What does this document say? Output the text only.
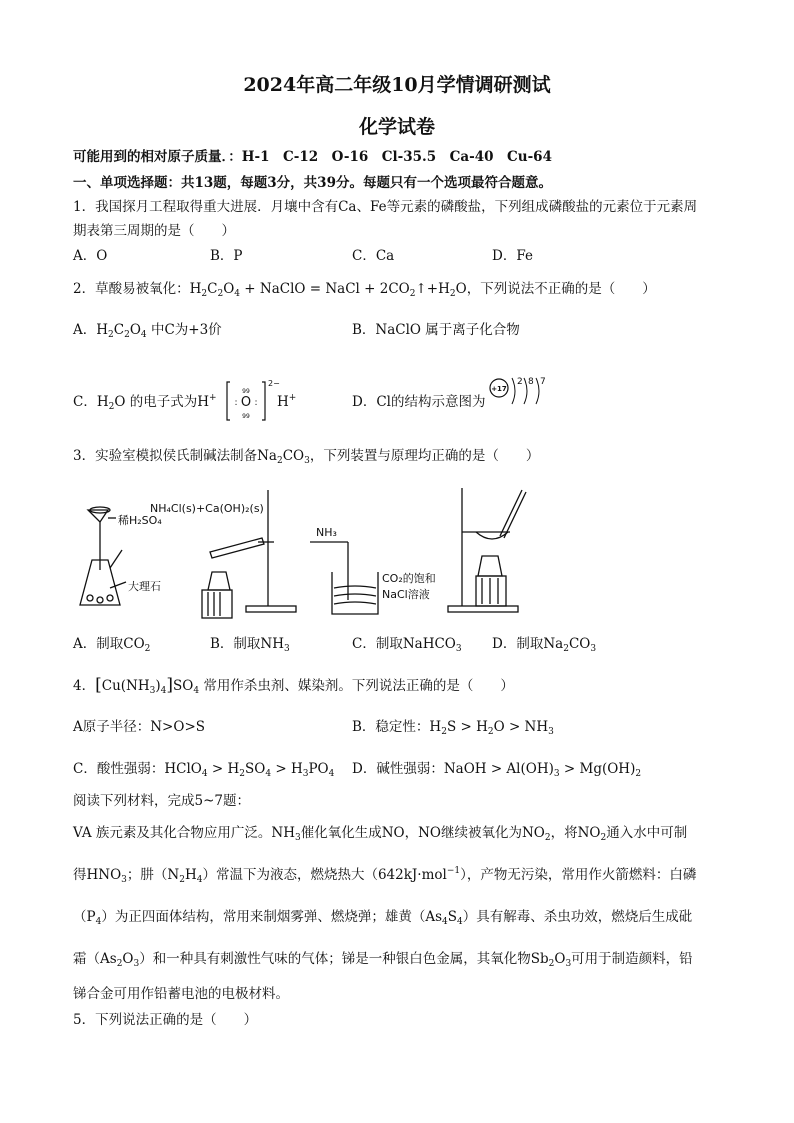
2024年高二年级10月学情调研测试
化学试卷
可能用到的相对原子质量．：H-1　C-12　O-16　Cl-35.5　Ca-40　Cu-64
一、单项选择题：共13题，每题3分，共39分。每题只有一个选项最符合题意。
1．我国探月工程取得重大进展．月壤中含有Ca、Fe等元素的磷酸盐，下列组成磷酸盐的元素位于元素周
期表第三周期的是（　　）
A．O	B．P	C．Ca	D．Fe
2．草酸易被氧化：$H_2C_2O_4$ + NaClO = NaCl + $2CO_2↑+H_2O$，下列说法不正确的是（　　）
A．$H_2C_2O_4$ 中C为+3价	B．NaClO 属于离子化合物
C．$H_2O$ 的电子式为H+ O
99
99
: :
2−
H+	D．Cl的结构示意图为
+17
2 8 7
3．实验室模拟侯氏制碱法制备$Na_2CO_3$，下列装置与原理均正确的是（　　）
稀H₂SO₄
大理石
NH₄Cl(s)+Ca(OH)₂(s)
NH₃
CO₂的饱和
NaCl溶液
A．制取$CO_2$	B．制取$NH_3$	C．制取NaHCO$_3$ D．制取$Na_2CO_3$
4．$[Cu(NH_3)_4]SO_4$ 常用作杀虫剂、媒染剂。下列说法正确的是（　　）
A原子半径：N>O>S	B．稳定性：$H_2S > H_2O > NH_3$
C．酸性强弱：HClO$_4$ > $H_2SO_4 > H_3PO_4$ D．碱性强弱：NaOH > $Al(OH)_3 > Mg(OH)_2$
阅读下列材料，完成5~7题：
VA 族元素及其化合物应用广泛。$NH_3$催化氧化生成NO，NO继续被氧化为$NO_2$，将$NO_2$通入水中可制
得$HNO_3$；肼$(N_2H_4)$常温下为液态，燃烧热大（642kJ·mol$^{-1}$），产物无污染，常用作火箭燃料：白磷
$(P_4)$为正四面体结构，常用来制烟雾弹、燃烧弹；雄黄$(As_4S_4)$具有解毒、杀虫功效，燃烧后生成砒
霜$(As_2O_3)$和一种具有刺激性气味的气体；锑是一种银白色金属，其氧化物$Sb_2O_3$可用于制造颜料，铅
锑合金可用作铅蓄电池的电极材料。
5．下列说法正确的是（　　）
